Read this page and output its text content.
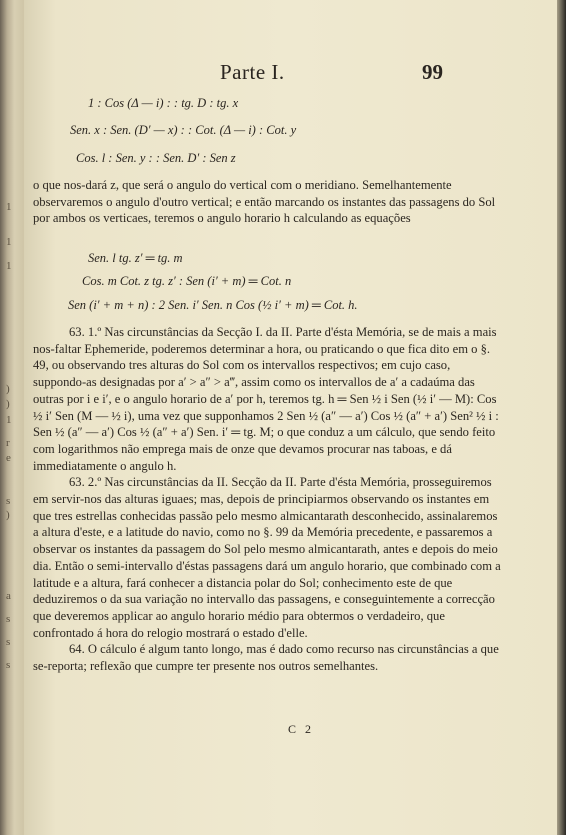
1
1
1
)
)
1
r
e
s
)
a
s
s
s
Parte I.	99
1 : Cos (Δ — i) : : tg. D : tg. x
Sen. x : Sen. (D′ — x) : : Cot. (Δ — i) : Cot. y
Cos. l : Sen. y : : Sen. D′ : Sen z

o que nos-dará z, que será o angulo do vertical com o meridiano. Semelhantemente observaremos o angulo d'outro vertical; e então marcando os instantes das passagens do Sol por ambos os verticaes, teremos o angulo horario h calculando as equações

Sen. l tg. z′ ═ tg. m
Cos. m Cot. z tg. z′ : Sen (i′ + m) ═ Cot. n
Sen (i′ + m + n) : 2 Sen. i′ Sen. n Cos (½ i′ + m) ═ Cot. h.

63. 1.º Nas circunstâncias da Secção I. da II. Parte d'ésta Memória, se de mais a mais nos-faltar Ephemeride, poderemos determinar a hora, ou praticando o que fica dito em o §. 49, ou observando tres alturas do Sol com os intervallos respectivos; em cujo caso, suppondo-as designadas por a′ > a″ > a‴, assim como os intervallos de a′ a cadaúma das outras por i e i′, e o angulo horario de a′ por h, teremos tg. h ═ Sen ½ i Sen (½ i′ — M): Cos ½ i′ Sen (M — ½ i), uma vez que supponhamos 2 Sen ½ (a″ — a′) Cos ½ (a″ + a′) Sen² ½ i : Sen ½ (a″ — a′) Cos ½ (a″ + a′) Sen. i′ ═ tg. M; o que conduz a um cálculo, que sendo feito com logarithmos não emprega mais de onze que devamos procurar nas taboas, e dá immediatamente o angulo h.

63. 2.º Nas circunstâncias da II. Secção da II. Parte d'ésta Memória, prosseguiremos em servir-nos das alturas iguaes; mas, depois de principiarmos observando os instantes em que tres estrellas conhecidas passão pelo mesmo almicantarath desconhecido, assinalaremos a altura d'este, e a latitude do navio, como no §. 99 da Memória precedente, e passaremos a observar os instantes da passagem do Sol pelo mesmo almicantarath, antes e depois do meio dia. Então o semi-intervallo d'éstas passagens dará um angulo horario, que combinado com a latitude e a altura, fará conhecer a distancia polar do Sol; conhecimento este de que deduziremos o da sua variação no intervallo das passagens, e conseguintemente a correcção que deveremos applicar ao angulo horario médio para obtermos o verdadeiro, que confrontado á hora do relogio mostrará o estado d'elle.

64. O cálculo é algum tanto longo, mas é dado como recurso nas circunstâncias a que se-reporta; reflexão que cumpre ter presente nos outros semelhantes.

C 2
